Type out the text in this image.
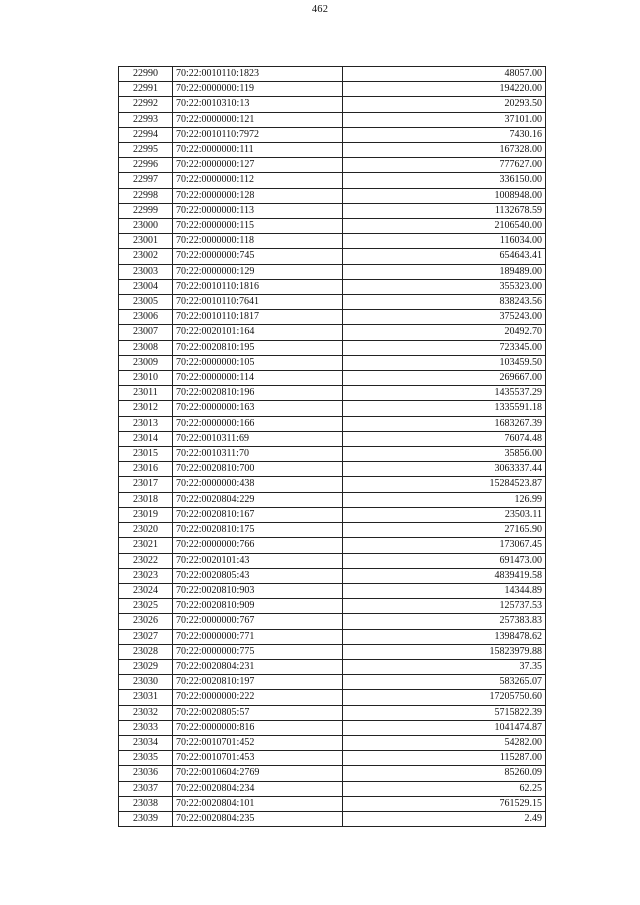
462
22990	70:22:0010110:1823	48057.00
22991	70:22:0000000:119	194220.00
22992	70:22:0010310:13	20293.50
22993	70:22:0000000:121	37101.00
22994	70:22:0010110:7972	7430.16
22995	70:22:0000000:111	167328.00
22996	70:22:0000000:127	777627.00
22997	70:22:0000000:112	336150.00
22998	70:22:0000000:128	1008948.00
22999	70:22:0000000:113	1132678.59
23000	70:22:0000000:115	2106540.00
23001	70:22:0000000:118	116034.00
23002	70:22:0000000:745	654643.41
23003	70:22:0000000:129	189489.00
23004	70:22:0010110:1816	355323.00
23005	70:22:0010110:7641	838243.56
23006	70:22:0010110:1817	375243.00
23007	70:22:0020101:164	20492.70
23008	70:22:0020810:195	723345.00
23009	70:22:0000000:105	103459.50
23010	70:22:0000000:114	269667.00
23011	70:22:0020810:196	1435537.29
23012	70:22:0000000:163	1335591.18
23013	70:22:0000000:166	1683267.39
23014	70:22:0010311:69	76074.48
23015	70:22:0010311:70	35856.00
23016	70:22:0020810:700	3063337.44
23017	70:22:0000000:438	15284523.87
23018	70:22:0020804:229	126.99
23019	70:22:0020810:167	23503.11
23020	70:22:0020810:175	27165.90
23021	70:22:0000000:766	173067.45
23022	70:22:0020101:43	691473.00
23023	70:22:0020805:43	4839419.58
23024	70:22:0020810:903	14344.89
23025	70:22:0020810:909	125737.53
23026	70:22:0000000:767	257383.83
23027	70:22:0000000:771	1398478.62
23028	70:22:0000000:775	15823979.88
23029	70:22:0020804:231	37.35
23030	70:22:0020810:197	583265.07
23031	70:22:0000000:222	17205750.60
23032	70:22:0020805:57	5715822.39
23033	70:22:0000000:816	1041474.87
23034	70:22:0010701:452	54282.00
23035	70:22:0010701:453	115287.00
23036	70:22:0010604:2769	85260.09
23037	70:22:0020804:234	62.25
23038	70:22:0020804:101	761529.15
23039	70:22:0020804:235	2.49
